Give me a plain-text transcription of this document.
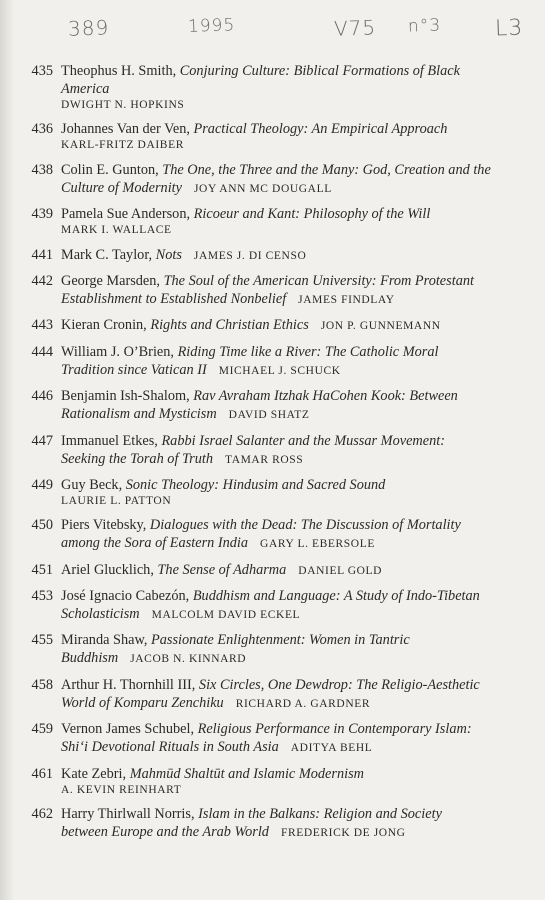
389	1995	V75 n°3 L3
435 Theophus H. Smith, Conjuring Culture: Biblical Formations of Black America
DWIGHT N. HOPKINS
436 Johannes Van der Ven, Practical Theology: An Empirical Approach
KARL-FRITZ DAIBER
438 Colin E. Gunton, The One, the Three and the Many: God, Creation and the Culture of Modernity JOY ANN MC DOUGALL
439 Pamela Sue Anderson, Ricoeur and Kant: Philosophy of the Will
MARK I. WALLACE
441 Mark C. Taylor, Nots JAMES J. DI CENSO
442 George Marsden, The Soul of the American University: From Protestant Establishment to Established Nonbelief JAMES FINDLAY
443 Kieran Cronin, Rights and Christian Ethics JON P. GUNNEMANN
444 William J. O’Brien, Riding Time like a River: The Catholic Moral Tradition since Vatican II MICHAEL J. SCHUCK
446 Benjamin Ish-Shalom, Rav Avraham Itzhak HaCohen Kook: Between Rationalism and Mysticism DAVID SHATZ
447 Immanuel Etkes, Rabbi Israel Salanter and the Mussar Movement: Seeking the Torah of Truth TAMAR ROSS
449 Guy Beck, Sonic Theology: Hindusim and Sacred Sound
LAURIE L. PATTON
450 Piers Vitebsky, Dialogues with the Dead: The Discussion of Mortality among the Sora of Eastern India GARY L. EBERSOLE
451 Ariel Glucklich, The Sense of Adharma DANIEL GOLD
453 José Ignacio Cabezón, Buddhism and Language: A Study of Indo-Tibetan Scholasticism MALCOLM DAVID ECKEL
455 Miranda Shaw, Passionate Enlightenment: Women in Tantric Buddhism JACOB N. KINNARD
458 Arthur H. Thornhill III, Six Circles, One Dewdrop: The Religio-Aesthetic World of Komparu Zenchiku RICHARD A. GARDNER
459 Vernon James Schubel, Religious Performance in Contemporary Islam: Shi‘i Devotional Rituals in South Asia ADITYA BEHL
461 Kate Zebri, Mahmūd Shaltūt and Islamic Modernism
A. KEVIN REINHART
462 Harry Thirlwall Norris, Islam in the Balkans: Religion and Society between Europe and the Arab World FREDERICK DE JONG
